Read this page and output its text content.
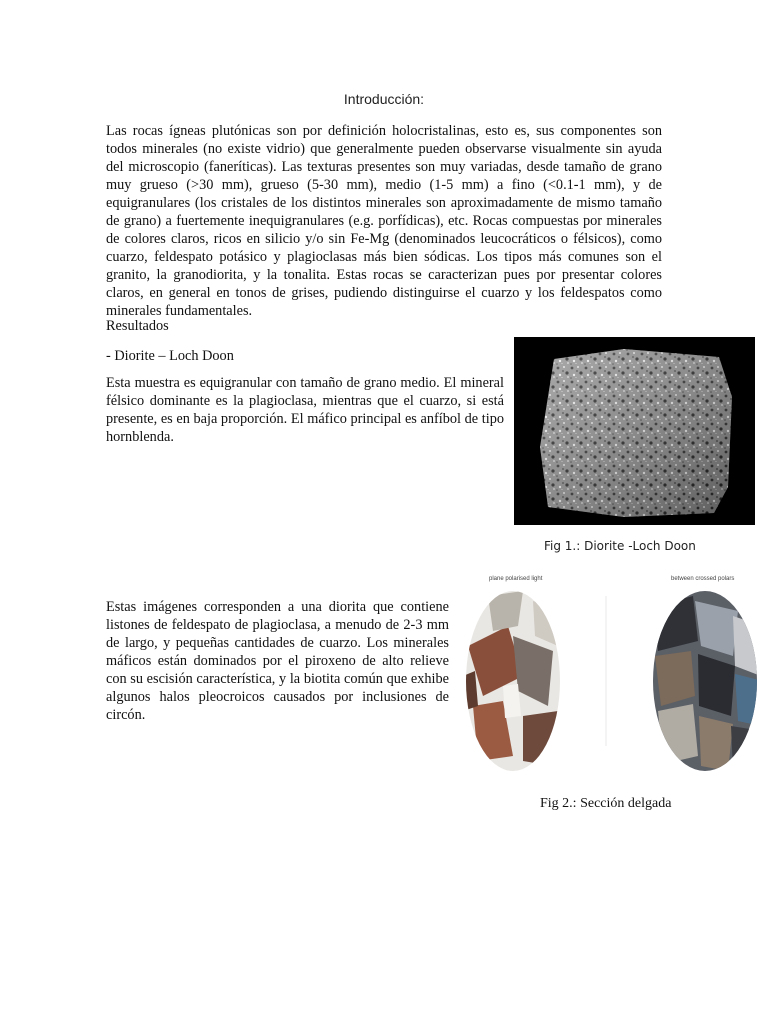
Introducción:

Las rocas ígneas plutónicas son por definición holocristalinas, esto es, sus componentes son todos minerales (no existe vidrio) que generalmente pueden observarse visualmente sin ayuda del microscopio (faneríticas). Las texturas presentes son muy variadas, desde tamaño de grano muy grueso (>30 mm), grueso (5-30 mm), medio (1-5 mm) a fino (<0.1-1 mm), y de equigranulares (los cristales de los distintos minerales son aproximadamente de mismo tamaño de grano) a fuertemente inequigranulares (e.g. porfídicas), etc. Rocas compuestas por minerales de colores claros, ricos en silicio y/o sin Fe-Mg (denominados leucocráticos o félsicos), como cuarzo, feldespato potásico y plagioclasas más bien sódicas. Los tipos más comunes son el granito, la granodiorita, y la tonalita. Estas rocas se caracterizan pues por presentar colores claros, en general en tonos de grises, pudiendo distinguirse el cuarzo y los feldespatos como minerales fundamentales.

Resultados
- Diorite – Loch Doon

Esta muestra es equigranular con tamaño de grano medio. El mineral félsico dominante es la plagioclasa, mientras que el cuarzo, si está presente, es en baja proporción. El máfico principal es anfíbol de tipo hornblenda.

Estas imágenes corresponden a una diorita que contiene listones de feldespato de plagioclasa, a menudo de 2-3 mm de largo, y pequeñas cantidades de cuarzo. Los minerales máficos están dominados por el piroxeno de alto relieve con su escisión característica, y la biotita común que exhibe algunos halos pleocroicos causados por inclusiones de circón.

Fig 1.: Diorite -Loch Doon
plane polarised light	between crossed polars
Fig 2.: Sección delgada
